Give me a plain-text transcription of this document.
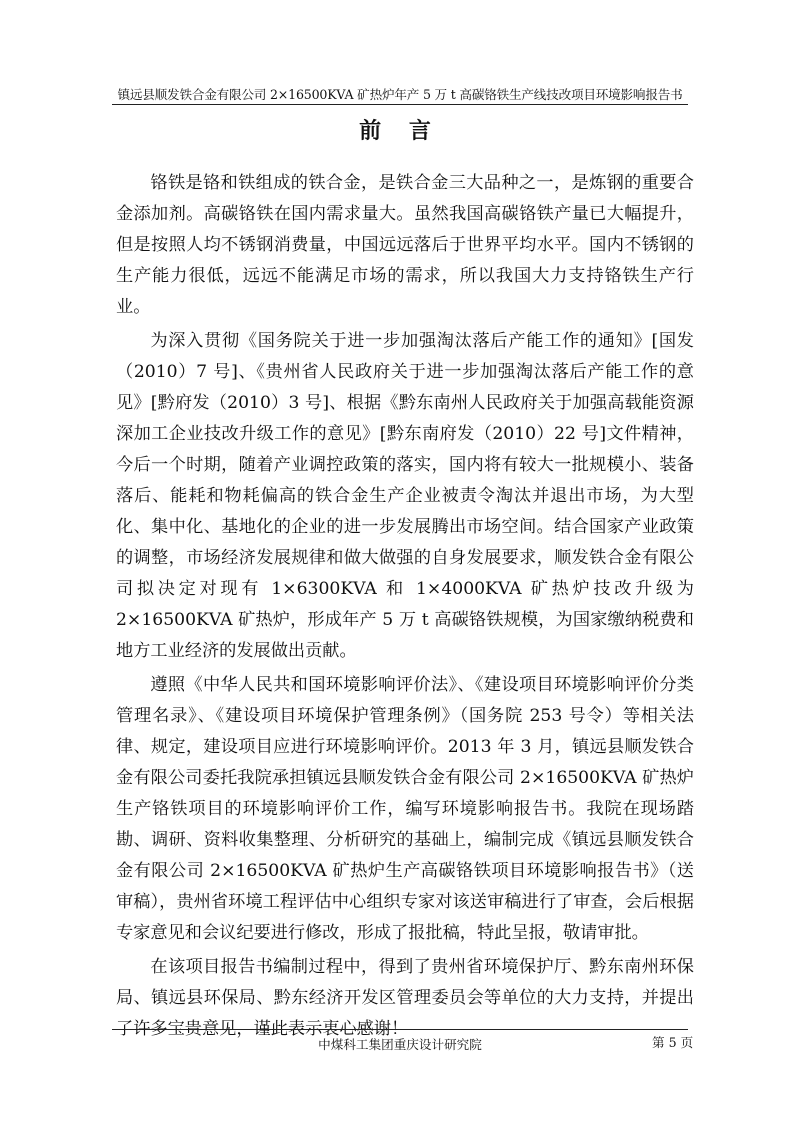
镇远县顺发铁合金有限公司 2×16500KVA 矿热炉年产 5 万 t 高碳铬铁生产线技改项目环境影响报告书
前 言

铬铁是铬和铁组成的铁合金，是铁合金三大品种之一，是炼钢的重要合金添加剂。高碳铬铁在国内需求量大。虽然我国高碳铬铁产量已大幅提升，但是按照人均不锈钢消费量，中国远远落后于世界平均水平。国内不锈钢的生产能力很低，远远不能满足市场的需求，所以我国大力支持铬铁生产行业。

为深入贯彻《国务院关于进一步加强淘汰落后产能工作的通知》[国发（2010）7 号]、《贵州省人民政府关于进一步加强淘汰落后产能工作的意见》[黔府发（2010）3 号]、根据《黔东南州人民政府关于加强高载能资源深加工企业技改升级工作的意见》[黔东南府发（2010）22 号]文件精神，今后一个时期，随着产业调控政策的落实，国内将有较大一批规模小、装备落后、能耗和物耗偏高的铁合金生产企业被责令淘汰并退出市场，为大型化、集中化、基地化的企业的进一步发展腾出市场空间。结合国家产业政策的调整，市场经济发展规律和做大做强的自身发展要求，顺发铁合金有限公司拟决定对现有 1×6300KVA 和 1×4000KVA 矿热炉技改升级为 2×16500KVA 矿热炉，形成年产 5 万 t 高碳铬铁规模，为国家缴纳税费和地方工业经济的发展做出贡献。

遵照《中华人民共和国环境影响评价法》、《建设项目环境影响评价分类管理名录》、《建设项目环境保护管理条例》（国务院 253 号令）等相关法律、规定，建设项目应进行环境影响评价。2013 年 3 月，镇远县顺发铁合金有限公司委托我院承担镇远县顺发铁合金有限公司 2×16500KVA 矿热炉生产铬铁项目的环境影响评价工作，编写环境影响报告书。我院在现场踏勘、调研、资料收集整理、分析研究的基础上，编制完成《镇远县顺发铁合金有限公司 2×16500KVA 矿热炉生产高碳铬铁项目环境影响报告书》（送审稿），贵州省环境工程评估中心组织专家对该送审稿进行了审查，会后根据专家意见和会议纪要进行修改，形成了报批稿，特此呈报，敬请审批。

在该项目报告书编制过程中，得到了贵州省环境保护厅、黔东南州环保局、镇远县环保局、黔东经济开发区管理委员会等单位的大力支持，并提出了许多宝贵意见，谨此表示衷心感谢！

中煤科工集团重庆设计研究院	第 5 页
